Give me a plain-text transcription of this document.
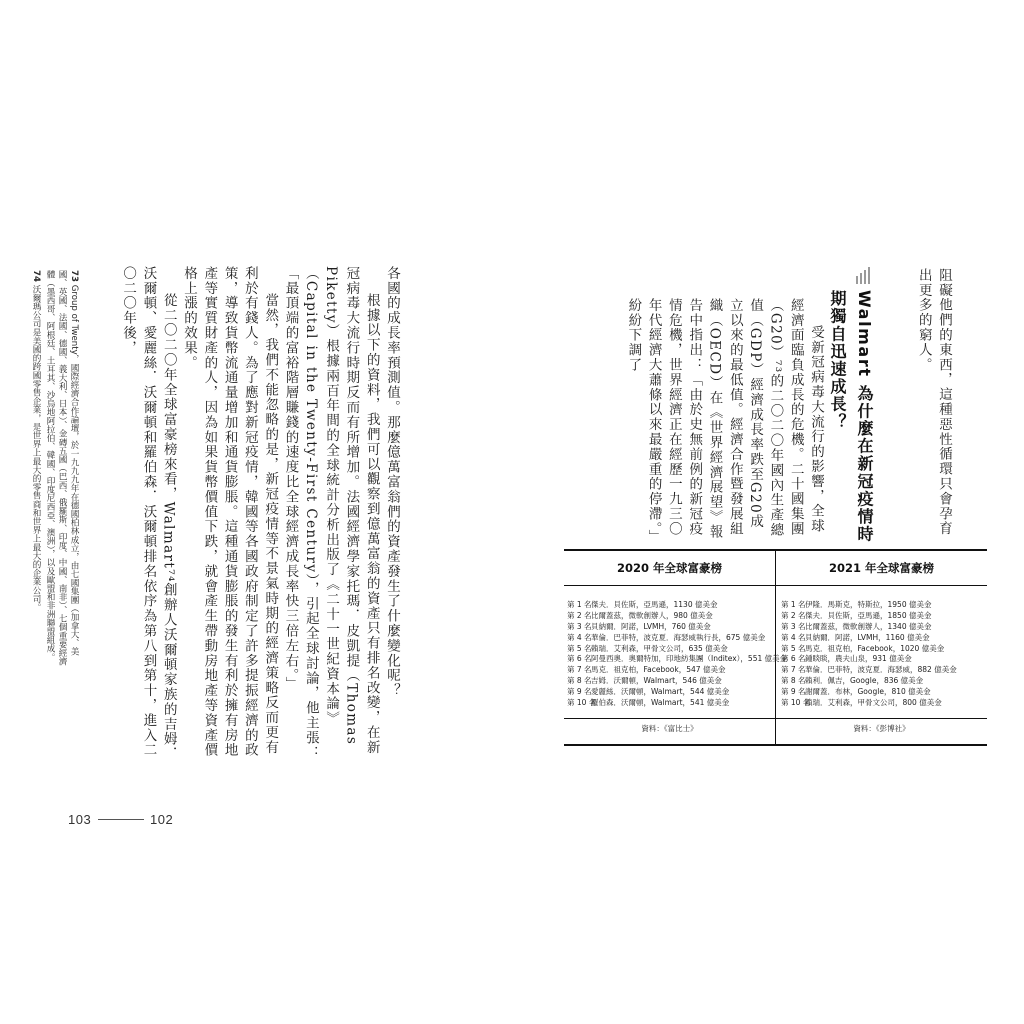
各國的成長率預測值。那麼億萬富翁們的資產發生了什麼變化呢？

根據以下的資料，我們可以觀察到億萬富翁的資產只有排名改變，在新冠病毒大流行時期反而有所增加。法國經濟學家托瑪．皮凱提（Thomas Piketty）根據兩百年間的全球統計分析出版了《二十一世紀資本論》（Capital in the Twenty-First Century），引起全球討論，他主張：「最頂端的富裕階層賺錢的速度比全球經濟成長率快三倍左右。」

當然，我們不能忽略的是，新冠疫情等不景氣時期的經濟策略反而更有利於有錢人。為了應對新冠疫情，韓國等各國政府制定了許多提振經濟的政策，導致貨幣流通量增加和通貨膨脹。這種通貨膨脹的發生有利於擁有房地產等實質財產的人，因為如果貨幣價值下跌，就會產生帶動房地產等資產價格上漲的效果。

從二〇二〇年全球富豪榜來看，Walmart⁷⁴創辦人沃爾頓家族的吉姆．沃爾頓、愛麗絲．沃爾頓和羅伯森．沃爾頓排名依序為第八到第十，進入二〇二〇年後，

73 Group of Twenty，國際經濟合作論壇，於一九九九年在德國柏林成立，由七國集團（加拿大、美國、英國、法國、德國、義大利、日本）、金磚五國（巴西、俄羅斯、印度、中國、南非）、七個重要經濟體（墨西哥、阿根廷、土耳其、沙烏地阿拉伯、韓國、印度尼西亞、澳洲），以及歐盟和非洲聯盟組成。
74 沃爾瑪公司是美國的跨國零售企業，是世界上最大的零售商和世界上最大的企業公司。
103	102

阻礙他們的東西，這種惡性循環只會孕育出更多的窮人。

Walmart 為什麼在新冠疫情時期獨自迅速成長？

受新冠病毒大流行的影響，全球經濟面臨負成長的危機。二十國集團（G20）⁷³的二〇二〇年國內生產總值（GDP）經濟成長率跌至G20成立以來的最低值。經濟合作暨發展組織（OECD）在《世界經濟展望》報告中指出：「由於史無前例的新冠疫情危機，世界經濟正在經歷一九三〇年代經濟大蕭條以來最嚴重的停滯。」紛紛下調了

2020 年全球富豪榜
第 1 名傑夫．貝佐斯，亞馬遜，1130 億美金
第 2 名比爾蓋茲，微軟創辦人，980 億美金
第 3 名貝納爾．阿諾，LVMH，760 億美金
第 4 名華倫．巴菲特，波克夏．海瑟威執行長，675 億美金
第 5 名賴瑞．艾利森，甲骨文公司，635 億美金
第 6 名阿曼西奧．奧爾特加，印地紡集團（Inditex），551 億美金
第 7 名馬克．祖克柏，Facebook，547 億美金
第 8 名吉姆．沃爾頓，Walmart，546 億美金
第 9 名愛麗絲．沃爾頓，Walmart，544 億美金
第 10 名羅伯森．沃爾頓，Walmart，541 億美金
資料：《富比士》
2021 年全球富豪榜
第 1 名伊隆．馬斯克，特斯拉，1950 億美金
第 2 名傑夫．貝佐斯，亞馬遜，1850 億美金
第 3 名比爾蓋茲，微軟創辦人，1340 億美金
第 4 名貝納爾．阿諾，LVMH，1160 億美金
第 5 名馬克．祖克柏，Facebook，1020 億美金
第 6 名鍾睒睒，農夫山泉，931 億美金
第 7 名華倫．巴菲特，波克夏．海瑟威，882 億美金
第 8 名賴利．佩吉，Google，836 億美金
第 9 名謝爾蓋．布林，Google，810 億美金
第 10 名賴瑞．艾利森，甲骨文公司，800 億美金
資料：《彭博社》
